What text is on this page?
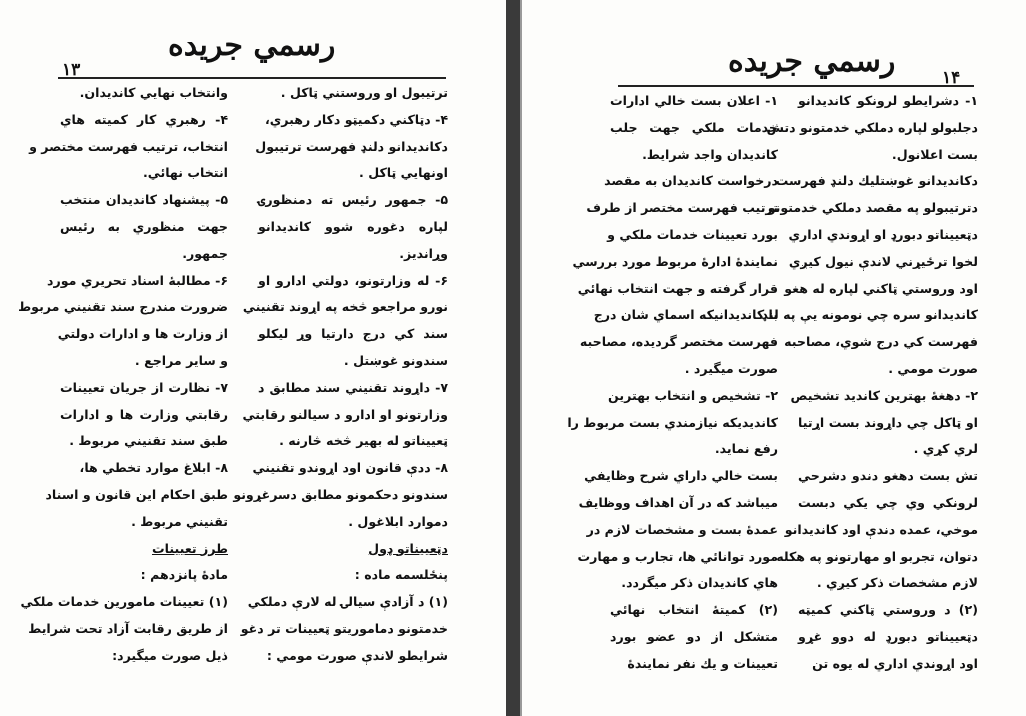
رسمي جريده
۱۳
ترتيبول او وروستني ټاكل .
۴- دټاكني دكميټو دكار رهبري،
دكانديدانو دلنډ فهرست ترتيبول
اونهايي ټاكل .
۵- جمهور رئيس ته دمنظورۍ
لپاره دغوره شوو كانديدانو
وړانديز.
۶- له وزارتونو، دولتي ادارو او
نورو مراجعو څخه په اړوند تقنيني
سند كي درج دارتيا وړ ليكلو
سندونو غوښتل .
۷- داړوند تقنيني سند مطابق د
وزارتونو او ادارو د سيالنو رقابتي
ټعييناتو له بهير څخه څارنه .
۸- ددې قانون اود اړوندو تقنيني
سندونو دحكمونو مطابق دسرغړونو
دموارد ابلاغول .
دټعييناتو ډول
پنځلسمه ماده :
(۱) د آزادې سيالۍ له لارې دملكي
خدمتونو دماموريتو ټعيينات تر دغو
شرايطو لاندې صورت مومي :
وانتخاب نهايي كانديدان.
۴- رهبري كار كميته هاي
انتخاب، ترتيب فهرست مختصر و
انتخاب نهائي.
۵- پيشنهاد كانديدان منتخب
جهت منظوري به رئيس
جمهور.
۶- مطالبهٔ اسناد تحريري مورد
ضرورت مندرج سند تقنيني مربوط
از وزارت ها و ادارات دولتي
و ساير مراجع .
۷- نظارت از جريان تعيينات
رقابتي وزارت ها و ادارات
طبق سند تقنيني مربوط .
۸- ابلاغ موارد تخطي ها،
طبق احكام اين قانون و اسناد
تقنيني مربوط .
طرز تعيينات
مادهٔ پانزدهم :
(۱) تعيينات مامورين خدمات ملكي
از طريق رقابت آزاد تحت شرايط
ذيل صورت ميگيرد:
رسمي جريده	۱۴
۱- دشرايطو لرونكو كانديدانو
دجلبولو لپاره دملكي خدمتونو دتش
بست اعلانول.
دكانديدانو غوښتليك دلنډ فهرست
دترتيبولو په مقصد دملكي خدمتونو
دټعييناتو دبورډ او اړوندي اداري
لخوا ترځيړني لاندې نيول كيږي
اود وروستي ټاكني لپاره له هغو
كانديدانو سره چي نومونه يې په لنډ
فهرست كي درج شوي، مصاحبه
صورت مومي .
۲- دهغهٔ بهترين كانديد تشخيص
او ټاكل چي داړوند بست اړتيا
لري كړي .
تش بست دهغو دندو دشرحي
لرونكي وي چي يكي دبست
موخي، عمده دندې اود كانديدانو
دتوان، تجربو او مهارتونو په هكله
لازم مشخصات ذكر كيږي .
(۲) د وروستي ټاكني كميټه
دټعييناتو دبورډ له دوو غړو
اود اړوندي اداري له يوه تن
۱- اعلان بست خالي ادارات
خدمات ملكي جهت جلب
كانديدان واجد شرايط.
درخواست كانديدان به مقصد
ترتيب فهرست مختصر از طرف
بورد تعيينات خدمات ملكي و
نمايندهٔ ادارهٔ مربوط مورد بررسي
قرار گرفته و جهت انتخاب نهائي
با كانديدانيكه اسماي شان درج
فهرست مختصر گرديده، مصاحبه
صورت ميگيرد .
۲- تشخيص و انتخاب بهترين
كانديديكه نيازمندي بست مربوط را
رفع نمايد.
بست خالي داراي شرح وظايفي
ميباشد كه در آن اهداف ووظايف
عمدهٔ بست و مشخصات لازم در
مورد توانائي ها، تجارب و مهارت
هاي كانديدان ذكر ميگردد.
(۲) كميتهٔ انتخاب نهائي
متشكل از دو عضو بورد
تعيينات و يك نفر نمايندهٔ
